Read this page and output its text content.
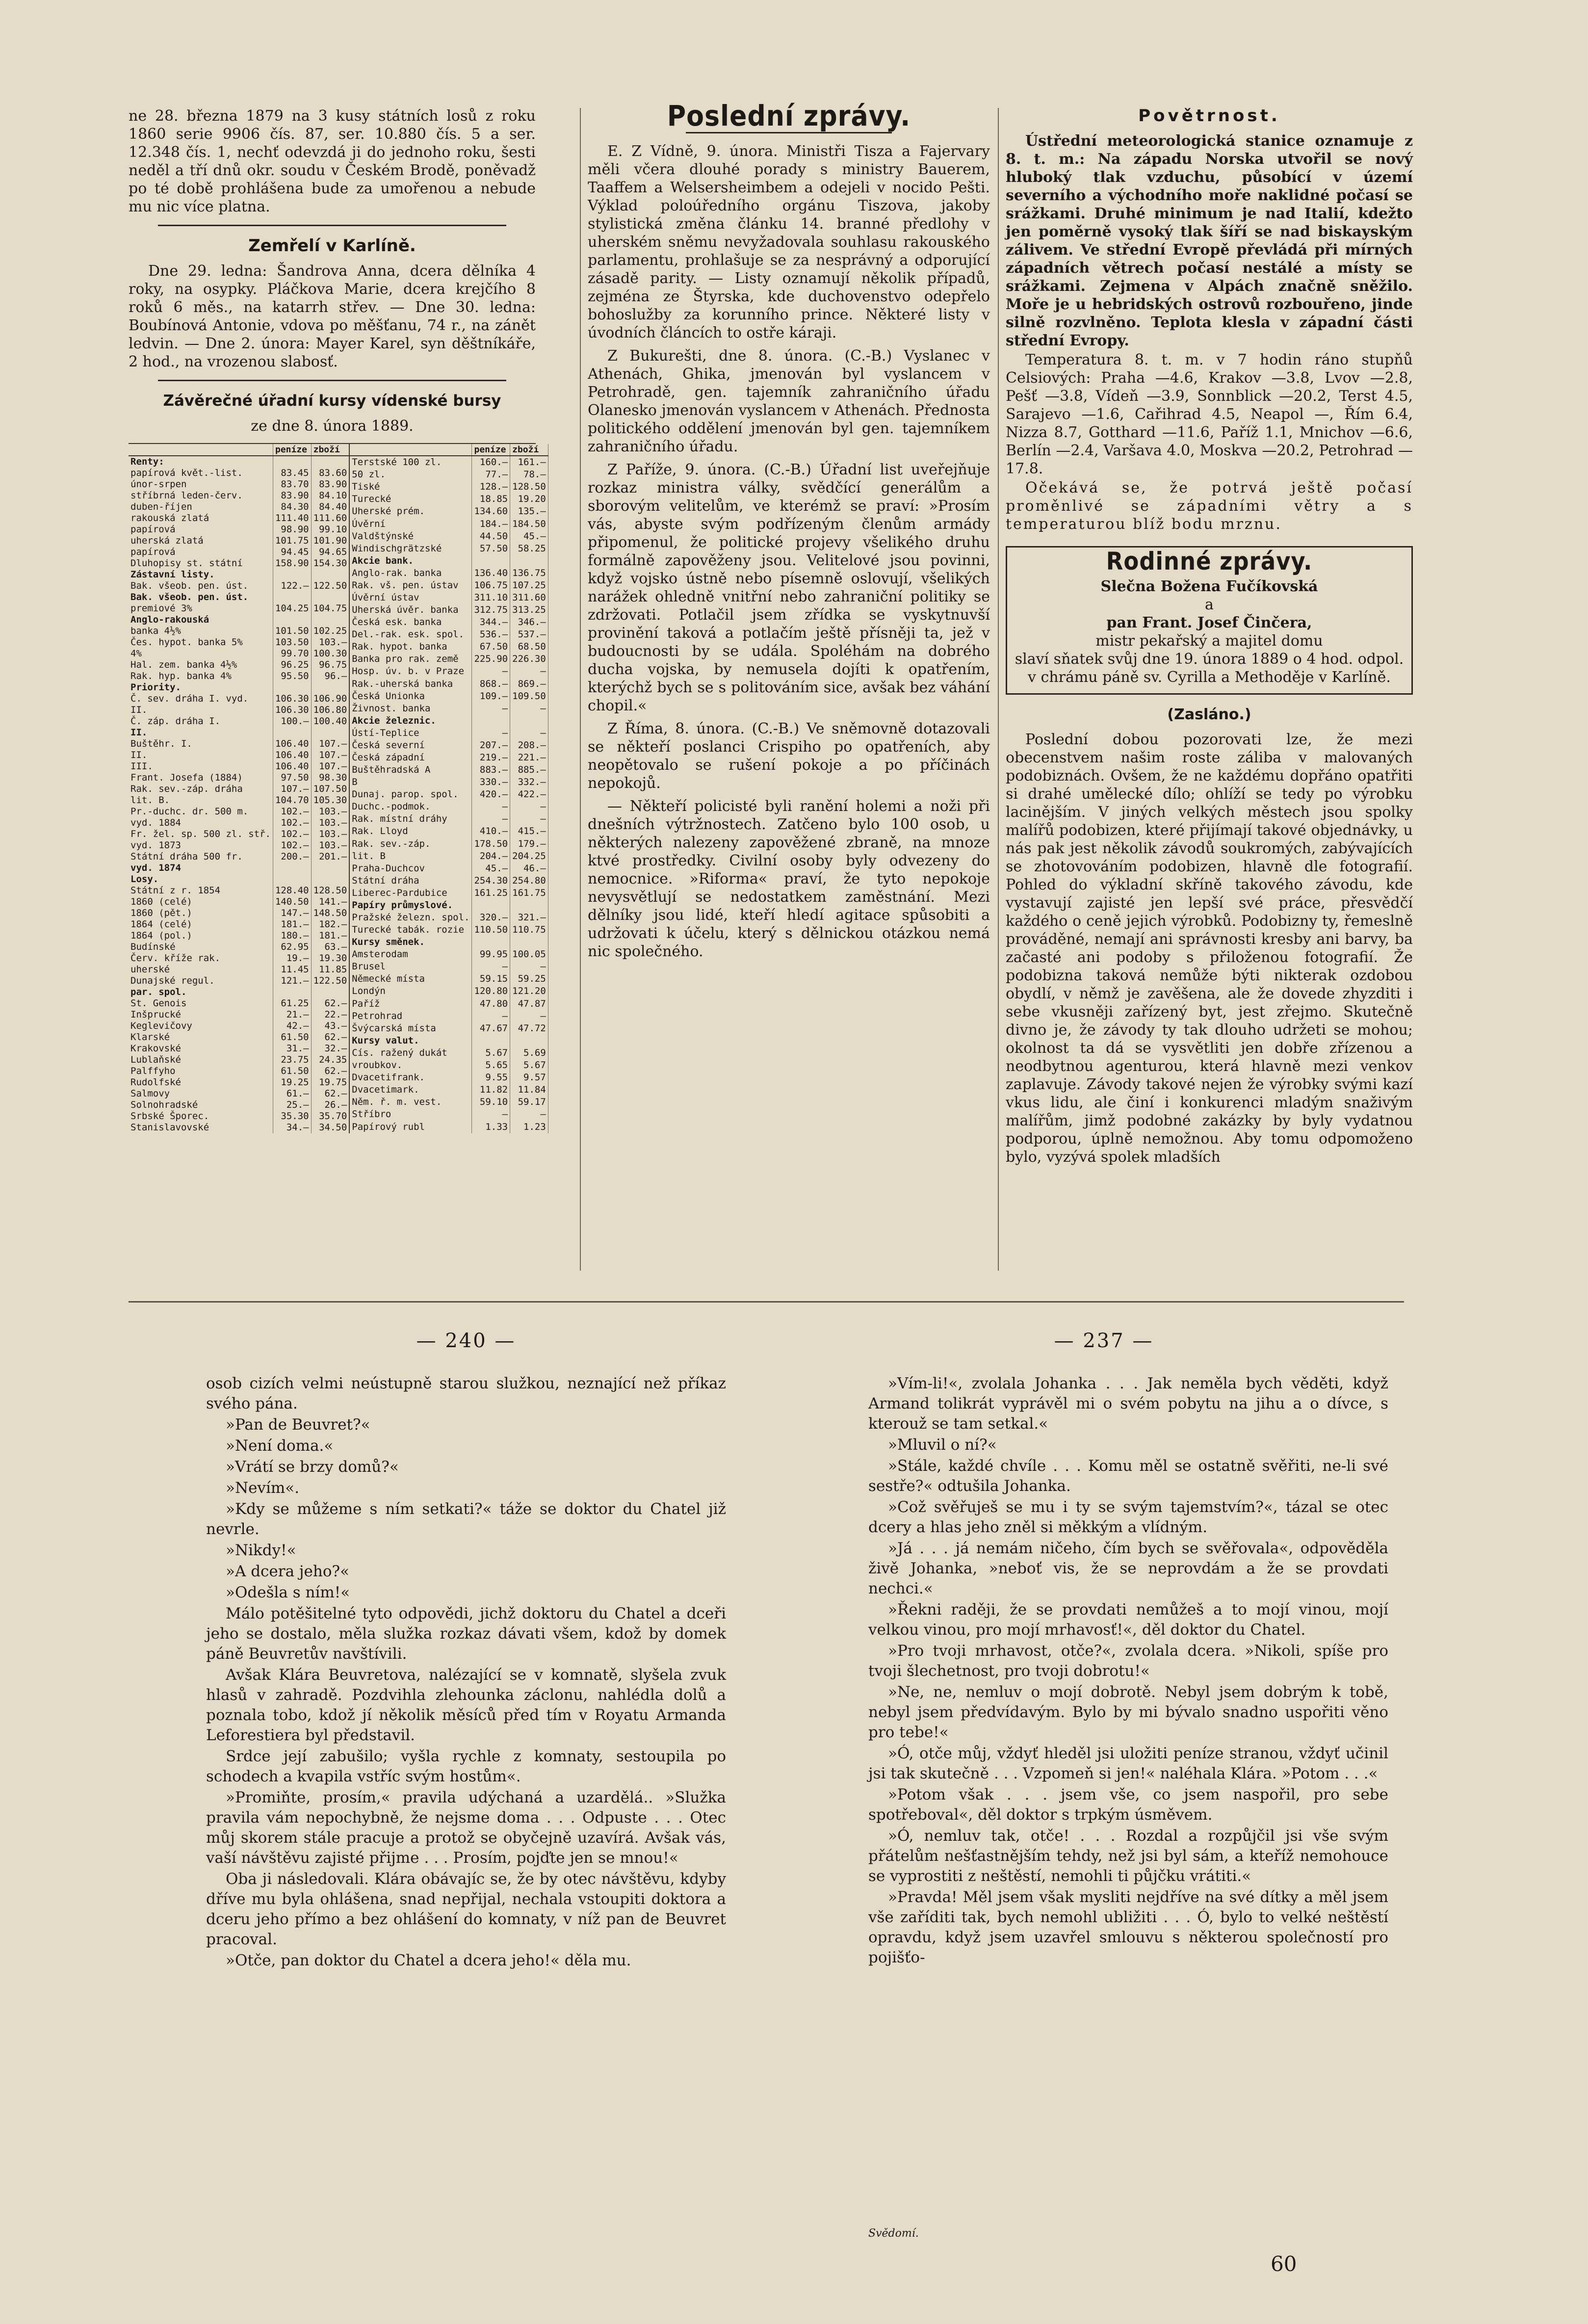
ne 28. března 1879 na 3 kusy státních losů z roku 1860 serie 9906 čís. 87, ser. 10.880 čís. 5 a ser. 12.348 čís. 1, nechť odevzdá ji do jednoho roku, šesti neděl a tří dnů okr. soudu v Českém Brodě, poněvadž po té době prohlášena bude za umořenou a nebude mu nic více platna.

Zemřelí v Karlíně.

Dne 29. ledna: Šandrova Anna, dcera dělníka 4 roky, na osypky. Pláčkova Marie, dcera krejčího 8 roků 6 měs., na katarrh střev. — Dne 30. ledna: Boubínová Antonie, vdova po měšťanu, 74 r., na zánět ledvin. — Dne 2. února: Mayer Karel, syn děštníkáře, 2 hod., na vrozenou slabosť.

Závěrečné úřadní kursy vídenské bursy
ze dne 8. února 1889.
	peníze	zboží
Renty:		
papírová květ.-list.	83.45	83.60
únor-srpen	83.70	83.90
stříbrná leden-červ.	83.90	84.10
duben-říjen	84.30	84.40
rakouská zlatá	111.40	111.60
papírová	98.90	99.10
uherská zlatá	101.75	101.90
papírová	94.45	94.65
Dluhopisy st. státní	158.90	154.30
Zástavní listy.		
Bak. všeob. pen. úst.	122.—	122.50
Bak. všeob. pen. úst.		
premiové 3%	104.25	104.75
Anglo-rakouská		
banka 4½%	101.50	102.25
Čes. hypot. banka 5%	103.50	103.—
4%	99.70	100.30
Hal. zem. banka 4½%	96.25	96.75
Rak. hyp. banka 4%	95.50	96.—
Priority.		
Č. sev. dráha I. vyd.	106.30	106.90
II.	106.30	106.80
Č. záp. dráha I.	100.—	100.40
II.		
Buštěhr. I.	106.40	107.—
II.	106.40	107.—
III.	106.40	107.—
Frant. Josefa (1884)	97.50	98.30
Rak. sev.-záp. dráha	107.—	107.50
lit. B.	104.70	105.30
Pr.-duchc. dr. 500 m.	102.—	103.—
vyd. 1884	102.—	103.—
Fr. žel. sp. 500 zl. stř.	102.—	103.—
vyd. 1873	102.—	103.—
Státní dráha 500 fr.	200.—	201.—
vyd. 1874		
Losy.		
Státní z r. 1854	128.40	128.50
1860 (celé)	140.50	141.—
1860 (pět.)	147.—	148.50
1864 (celé)	181.—	182.—
1864 (pol.)	180.—	181.—
Budínské	62.95	63.—
Červ. kříže rak.	19.—	19.30
uherské	11.45	11.85
Dunajské regul.	121.—	122.50
par. spol.		
St. Genois	61.25	62.—
Inšprucké	21.—	22.—
Keglevičovy	42.—	43.—
Klarské	61.50	62.—
Krakovské	31.—	32.—
Lublaňské	23.75	24.35
Palffyho	61.50	62.—
Rudolfské	19.25	19.75
Salmovy	61.—	62.—
Solnohradské	25.—	26.—
Srbské Šporec.	35.30	35.70
Stanislavovské	34.—	34.50
	peníze	zboží
Terstské 100 zl.	160.—	161.—
50 zl.	77.—	78.—
Tiské	128.—	128.50
Turecké	18.85	19.20
Uherské prém.	134.60	135.—
Úvěrní	184.—	184.50
Valdštýnské	44.50	45.—
Windischgrätzské	57.50	58.25
Akcie bank.		
Anglo-rak. banka	136.40	136.75
Rak. vš. pen. ústav	106.75	107.25
Úvěrní ústav	311.10	311.60
Uherská úvěr. banka	312.75	313.25
Česká esk. banka	344.—	346.—
Del.-rak. esk. spol.	536.—	537.—
Rak. hypot. banka	67.50	68.50
Banka pro rak. země	225.90	226.30
Hosp. úv. b. v Praze	—	—
Rak.-uherská banka	868.—	869.—
Česká Unionka	109.—	109.50
Živnost. banka	—	—
Akcie železnic.		
Ústí-Teplice	—	—
Česká severní	207.—	208.—
Česká západní	219.—	221.—
Buštěhradská A	883.—	885.—
B	330.—	332.—
Dunaj. parop. spol.	420.—	422.—
Duchc.-podmok.	—	—
Rak. místní dráhy	—	—
Rak. Lloyd	410.—	415.—
Rak. sev.-záp.	178.50	179.—
lit. B	204.—	204.25
Praha-Duchcov	45.—	46.—
Státní dráha	254.30	254.80
Liberec-Pardubice	161.25	161.75
Papíry průmyslové.		
Pražské železn. spol.	320.—	321.—
Turecké tabák. rozie	110.50	110.75
Kursy směnek.		
Amsterodam	99.95	100.05
Brusel	—	—
Německé místa	59.15	59.25
Londýn	120.80	121.20
Paříž	47.80	47.87
Petrohrad	—	—
Švýcarská místa	47.67	47.72
Kursy valut.		
Cís. ražený dukát	5.67	5.69
vroubkov.	5.65	5.67
Dvacetifrank.	9.55	9.57
Dvacetimark.	11.82	11.84
Něm. ř. m. vest.	59.10	59.17
Stříbro	—	—
Papírový rubl	1.33	1.23
Poslední zprávy.

E. Z Vídně, 9. února. Ministři Tisza a Fajervary měli včera dlouhé porady s ministry Bauerem, Taaffem a Welsersheimbem a odejeli v nocido Pešti. Výklad poloúředního orgánu Tiszova, jakoby stylistická změna článku 14. branné předlohy v uherském sněmu nevyžadovala souhlasu rakouského parlamentu, prohlašuje se za nesprávný a odporující zásadě parity. — Listy oznamují několik případů, zejména ze Štyrska, kde duchovenstvo odepřelo bohoslužby za korunního prince. Některé listy v úvodních článcích to ostře káraji.

Z Bukurešti, dne 8. února. (C.-B.) Vyslanec v Athenách, Ghika, jmenován byl vyslancem v Petrohradě, gen. tajemník zahraničního úřadu Olanesko jmenován vyslancem v Athenách. Přednosta politického oddělení jmenován byl gen. tajemníkem zahraničního úřadu.

Z Paříže, 9. února. (C.-B.) Úřadní list uveřejňuje rozkaz ministra války, svědčící generálům a sborovým velitelům, ve kterémž se praví: »Prosím vás, abyste svým podřízeným členům armády připomenul, že politické projevy všelikého druhu formálně zapověženy jsou. Velitelové jsou povinni, když vojsko ústně nebo písemně oslovují, všelikých narážek ohledně vnitřní nebo zahraniční politiky se zdržovati. Potlačil jsem zřídka se vyskytnuvší provinění taková a potlačím ještě přísněji ta, jež v budoucnosti by se udála. Spoléhám na dobrého ducha vojska, by nemusela dojíti k opatřením, kterýchž bych se s politováním sice, avšak bez váhání chopil.«

Z Říma, 8. února. (C.-B.) Ve sněmovně dotazovali se někteří poslanci Crispiho po opatřeních, aby neopětovalo se rušení pokoje a po příčinách nepokojů.

— Někteří policisté byli ranění holemi a noži při dnešních výtržnostech. Zatčeno bylo 100 osob, u některých nalezeny zapověžené zbraně, na mnoze ktvé prostředky. Civilní osoby byly odvezeny do nemocnice. »Riforma« praví, že tyto nepokoje nevysvětlují se nedostatkem zaměstnání. Mezi dělníky jsou lidé, kteří hledí agitace spůsobiti a udržovati k účelu, který s dělnickou otázkou nemá nic společného.

Povětrnost.

Ústřední meteorologická stanice oznamuje z 8. t. m.: Na západu Norska utvořil se nový hluboký tlak vzduchu, působící v území severního a východního moře naklidné počasí se srážkami. Druhé minimum je nad Italií, kdežto jen poměrně vysoký tlak šíří se nad biskayským zálivem. Ve střední Evropě převládá při mírných západních větrech počasí nestálé a místy se srážkami. Zejmena v Alpách značně sněžilo. Moře je u hebridských ostrovů rozbouřeno, jinde silně rozvlněno. Teplota klesla v západní části střední Evropy.

Temperatura 8. t. m. v 7 hodin ráno stupňů Celsiových: Praha —4.6, Krakov —3.8, Lvov —2.8, Pešť —3.8, Vídeň —3.9, Sonnblick —20.2, Terst 4.5, Sarajevo —1.6, Cařihrad 4.5, Neapol —, Řím 6.4, Nizza 8.7, Gotthard —11.6, Paříž 1.1, Mnichov —6.6, Berlín —2.4, Varšava 4.0, Moskva —20.2, Petrohrad —17.8.

Očekává se, že potrvá ještě počasí proměnlivé se západními větry a s temperaturou blíž bodu mrznu.

Rodinné zprávy.
Slečna Božena Fučíkovská
a
pan Frant. Josef Činčera,
mistr pekařský a majitel domu
slaví sňatek svůj dne 19. února 1889 o 4 hod. odpol.
v chrámu páně sv. Cyrilla a Methoděje v Karlíně.
(Zasláno.)

Poslední dobou pozorovati lze, že mezi obecenstvem našim roste záliba v malovaných podobiznách. Ovšem, že ne každému dopřáno opatřiti si drahé umělecké dílo; ohlíží se tedy po výrobku lacinějším. V jiných velkých městech jsou spolky malířů podobizen, které přijímají takové objednávky, u nás pak jest několik závodů soukromých, zabývajících se zhotovováním podobizen, hlavně dle fotografií. Pohled do výkladní skříně takového závodu, kde vystavují zajisté jen lepší své práce, přesvědčí každého o ceně jejich výrobků. Podobizny ty, řemeslně prováděné, nemají ani správnosti kresby ani barvy, ba začasté ani podoby s přiloženou fotografií. Že podobizna taková nemůže býti nikterak ozdobou obydlí, v němž je zavěšena, ale že dovede zhyzditi i sebe vkusněji zařízený byt, jest zřejmo. Skutečně divno je, že závody ty tak dlouho udržeti se mohou; okolnost ta dá se vysvětliti jen dobře zřízenou a neodbytnou agenturou, která hlavně mezi venkov zaplavuje. Závody takové nejen že výrobky svými kazí vkus lidu, ale činí i konkurenci mladým snaživým malířům, jimž podobné zakázky by byly vydatnou podporou, úplně nemožnou. Aby tomu odpomoženo bylo, vyzývá spolek mladších

— 240 —	— 237 —

osob cizích velmi neústupně starou služkou, neznající než příkaz svého pána.

»Pan de Beuvret?«

»Není doma.«

»Vrátí se brzy domů?«

»Nevím«.

»Kdy se můžeme s ním setkati?« táže se doktor du Chatel již nevrle.

»Nikdy!«

»A dcera jeho?«

»Odešla s ním!«

Málo potěšitelné tyto odpovědi, jichž doktoru du Chatel a dceři jeho se dostalo, měla služka rozkaz dávati všem, kdož by domek páně Beuvretův navštívili.

Avšak Klára Beuvretova, nalézající se v komnatě, slyšela zvuk hlasů v zahradě. Pozdvihla zlehounka záclonu, nahlédla dolů a poznala tobo, kdož jí několik měsíců před tím v Royatu Armanda Leforestiera byl představil.

Srdce její zabušilo; vyšla rychle z komnaty, sestoupila po schodech a kvapila vstříc svým hostům«.

»Promiňte, prosím,« pravila udýchaná a uzardělá.. »Služka pravila vám nepochybně, že nejsme doma . . . Odpuste . . . Otec můj skorem stále pracuje a protož se obyčejně uzavírá. Avšak vás, vaší návštěvu zajisté přijme . . . Prosím, pojďte jen se mnou!«

Oba ji následovali. Klára obávajíc se, že by otec návštěvu, kdyby dříve mu byla ohlášena, snad nepřijal, nechala vstoupiti doktora a dceru jeho přímo a bez ohlášení do komnaty, v níž pan de Beuvret pracoval.

»Otče, pan doktor du Chatel a dcera jeho!« děla mu.

»Vím-li!«, zvolala Johanka . . . Jak neměla bych věděti, když Armand tolikrát vyprávěl mi o svém pobytu na jihu a o dívce, s kterouž se tam setkal.«

»Mluvil o ní?«

»Stále, každé chvíle . . . Komu měl se ostatně svěřiti, ne-li své sestře?« odtušila Johanka.

»Což svěřuješ se mu i ty se svým tajemstvím?«, tázal se otec dcery a hlas jeho zněl si měkkým a vlídným.

»Já . . . já nemám ničeho, čím bych se svěřovala«, odpověděla živě Johanka, »neboť vis, že se neprovdám a že se provdati nechci.«

»Řekni raději, že se provdati nemůžeš a to mojí vinou, mojí velkou vinou, pro mojí mrhavosť!«, děl doktor du Chatel.

»Pro tvoji mrhavost, otče?«, zvolala dcera. »Nikoli, spíše pro tvoji šlechetnost, pro tvoji dobrotu!«

»Ne, ne, nemluv o mojí dobrotě. Nebyl jsem dobrým k tobě, nebyl jsem předvídavým. Bylo by mi bývalo snadno uspořiti věno pro tebe!«

»Ó, otče můj, vždyť hleděl jsi uložiti peníze stranou, vždyť učinil jsi tak skutečně . . . Vzpomeň si jen!« naléhala Klára. »Potom . . .«

»Potom však . . . jsem vše, co jsem naspořil, pro sebe spotřeboval«, děl doktor s trpkým úsměvem.

»Ó, nemluv tak, otče! . . . Rozdal a rozpůjčil jsi vše svým přátelům nešťastnějším tehdy, než jsi byl sám, a kteříž nemohouce se vyprostiti z neštěstí, nemohli ti půjčku vrátiti.«

»Pravda! Měl jsem však mysliti nejdříve na své dítky a měl jsem vše zaříditi tak, bych nemohl ubližiti . . . Ó, bylo to velké neštěstí opravdu, když jsem uzavřel smlouvu s některou společností pro pojišťo-

Svědomí.
60
